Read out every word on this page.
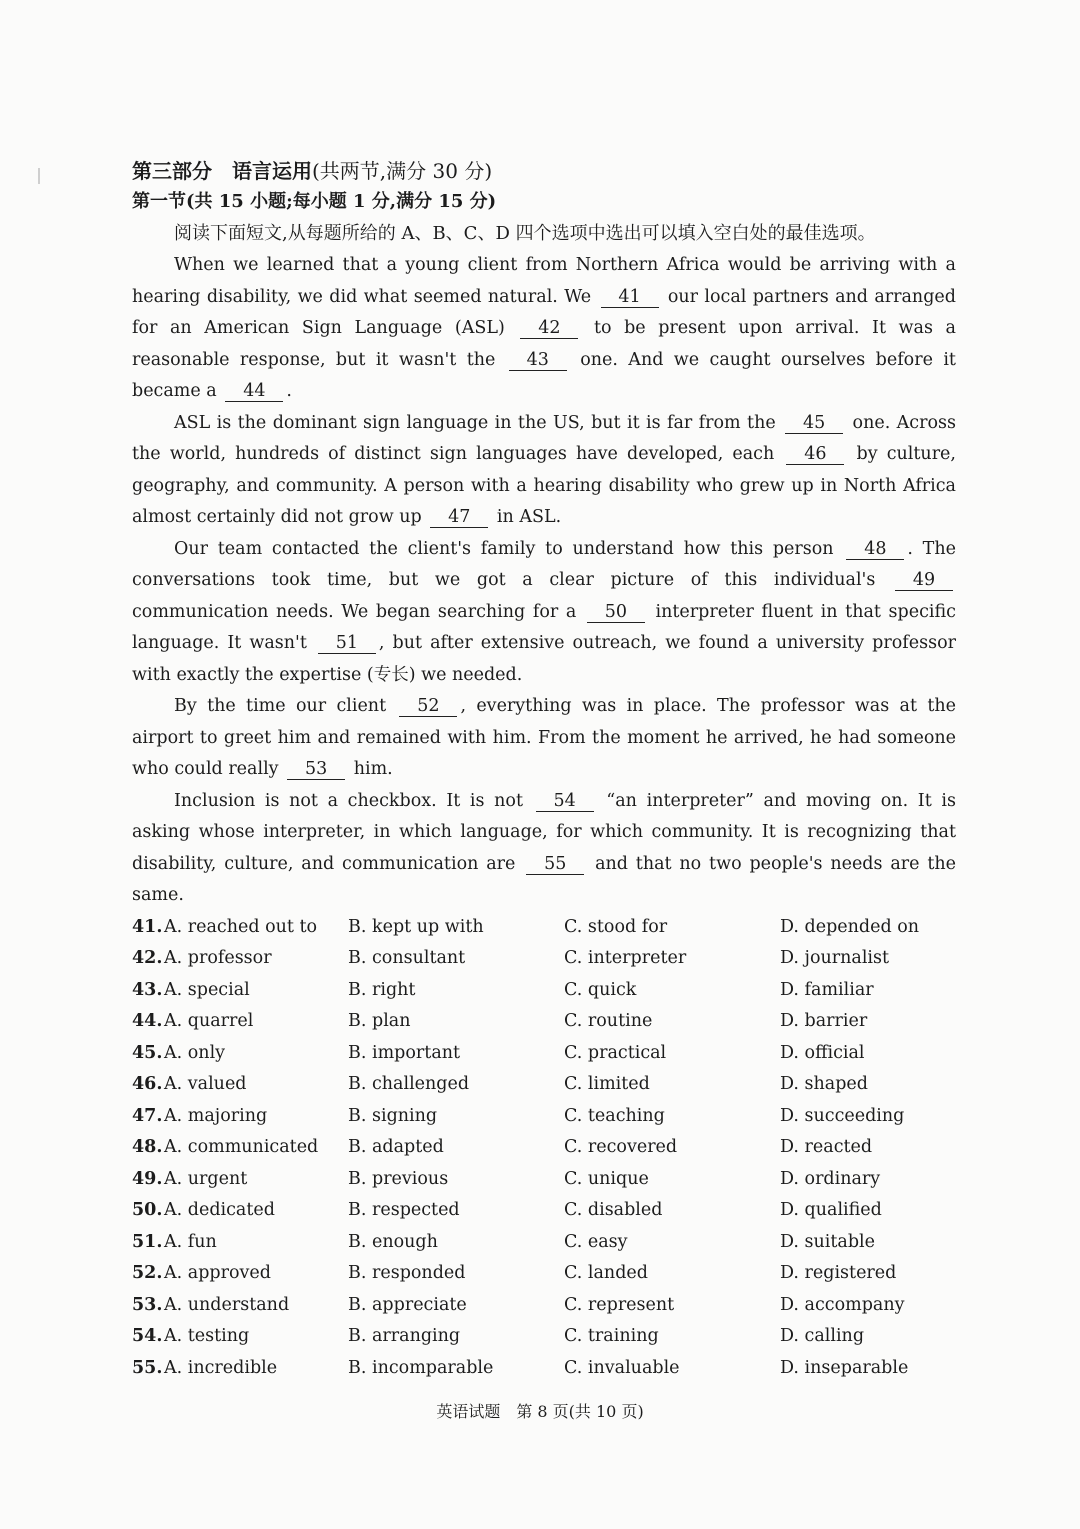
第三部分　语言运用(共两节,满分 30 分)
第一节(共 15 小题;每小题 1 分,满分 15 分)
阅读下面短文,从每题所给的 A、B、C、D 四个选项中选出可以填入空白处的最佳选项。

When we learned that a young client from Northern Africa would be arriving with a hearing disability, we did what seemed natural. We 41 our local partners and arranged for an American Sign Language (ASL) 42 to be present upon arrival. It was a reasonable response, but it wasn't the 43 one. And we caught ourselves before it became a 44 .

ASL is the dominant sign language in the US, but it is far from the 45 one. Across the world, hundreds of distinct sign languages have developed, each 46 by culture, geography, and community. A person with a hearing disability who grew up in North Africa almost certainly did not grow up 47 in ASL.

Our team contacted the client's family to understand how this person 48 . The conversations took time, but we got a clear picture of this individual's 49 communication needs. We began searching for a 50 interpreter fluent in that specific language. It wasn't 51 , but after extensive outreach, we found a university professor with exactly the expertise (专长) we needed.

By the time our client 52 , everything was in place. The professor was at the airport to greet him and remained with him. From the moment he arrived, he had someone who could really 53 him.

Inclusion is not a checkbox. It is not 54 “an interpreter” and moving on. It is asking whose interpreter, in which language, for which community. It is recognizing that disability, culture, and communication are 55 and that no two people's needs are the same.

41. A. reached out to B. kept up with	C. stood for	D. depended on
42. A. professor	B. consultant	C. interpreter	D. journalist
43. A. special	B. right	C. quick	D. familiar
44. A. quarrel	B. plan	C. routine	D. barrier
45. A. only	B. important	C. practical	D. official
46. A. valued	B. challenged	C. limited	D. shaped
47. A. majoring	B. signing	C. teaching	D. succeeding
48. A. communicated B. adapted	C. recovered	D. reacted
49. A. urgent	B. previous	C. unique	D. ordinary
50. A. dedicated	B. respected	C. disabled	D. qualified
51. A. fun	B. enough	C. easy	D. suitable
52. A. approved	B. responded	C. landed	D. registered
53. A. understand	B. appreciate	C. represent	D. accompany
54. A. testing	B. arranging	C. training	D. calling
55. A. incredible	B. incomparable	C. invaluable	D. inseparable
英语试题　第 8 页(共 10 页)
